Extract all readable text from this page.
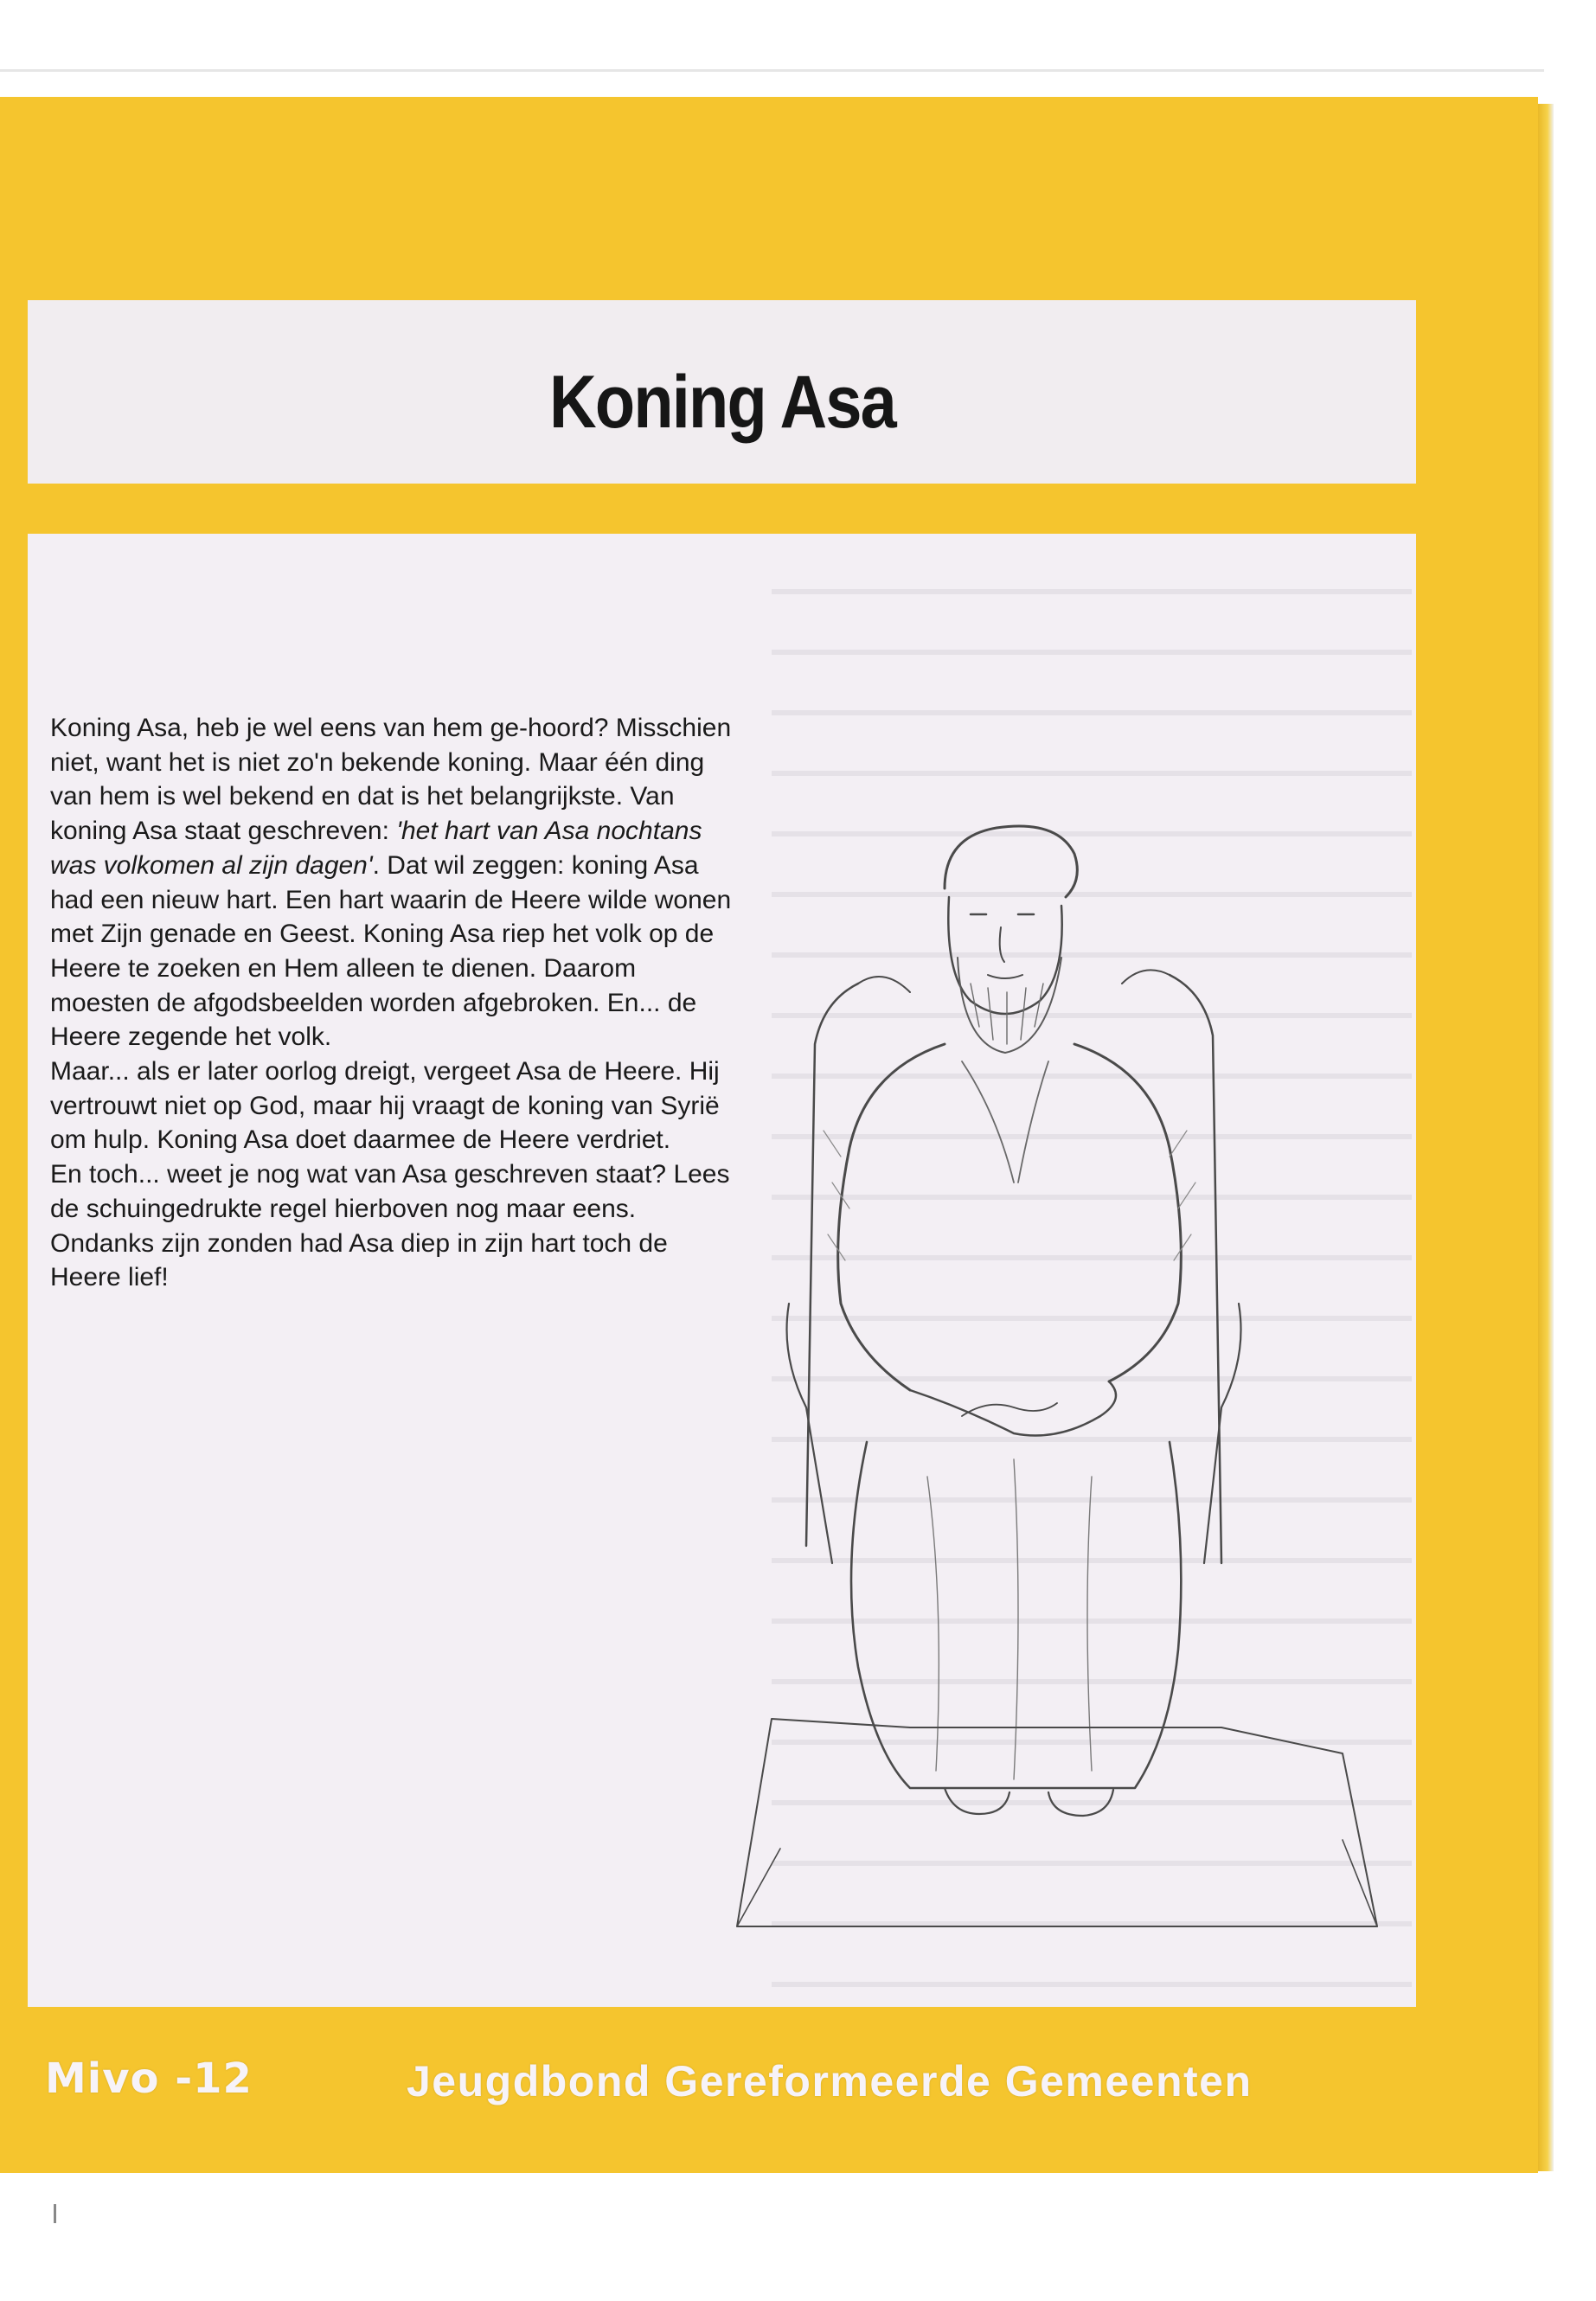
Koning Asa

Koning Asa, heb je wel eens van hem ge-hoord? Misschien niet, want het is niet zo'n bekende koning. Maar één ding van hem is wel bekend en dat is het belangrijkste. Van koning Asa staat geschreven: 'het hart van Asa nochtans was volkomen al zijn dagen'. Dat wil zeggen: koning Asa had een nieuw hart. Een hart waarin de Heere wilde wonen met Zijn genade en Geest. Koning Asa riep het volk op de Heere te zoeken en Hem alleen te dienen. Daarom moesten de afgodsbeelden worden afgebroken. En... de Heere zegende het volk.
Maar... als er later oorlog dreigt, vergeet Asa de Heere. Hij vertrouwt niet op God, maar hij vraagt de koning van Syrië om hulp. Koning Asa doet daarmee de Heere verdriet.
En toch... weet je nog wat van Asa geschreven staat? Lees de schuingedrukte regel hierboven nog maar eens. Ondanks zijn zonden had Asa diep in zijn hart toch de Heere lief!

Mivo -12	Jeugdbond Gereformeerde Gemeenten
